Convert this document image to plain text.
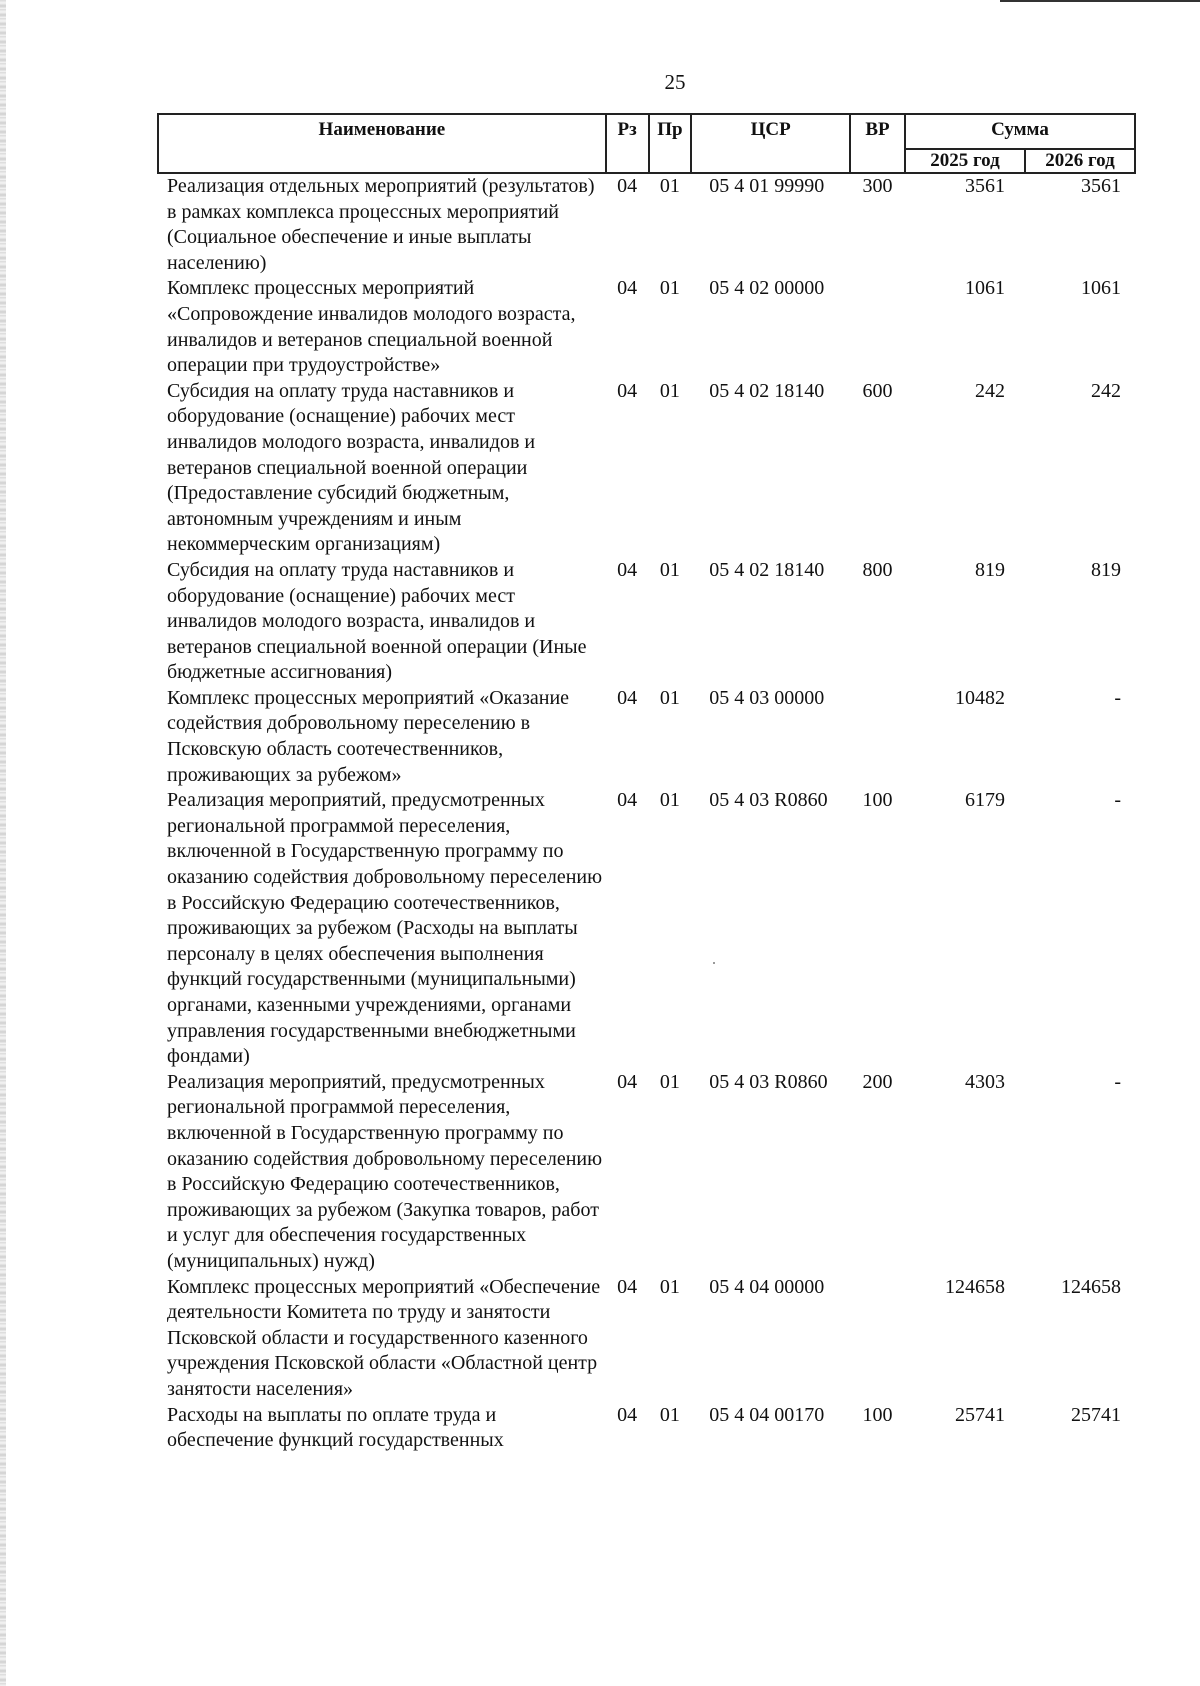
25
Наименование	Рз	Пр	ЦСР	ВР	Сумма	
					2025 год	2026 год
Реализация отдельных мероприятий (результатов) в рамках комплекса процессных мероприятий (Социальное обеспечение и иные выплаты населению)	04	01	05 4 01 99990	300	3561	3561
Комплекс процессных мероприятий «Сопровождение инвалидов молодого возраста, инвалидов и ветеранов специальной военной операции при трудоустройстве»	04	01	05 4 02 00000		1061	1061
Субсидия на оплату труда наставников и оборудование (оснащение) рабочих мест инвалидов молодого возраста, инвалидов и ветеранов специальной военной операции (Предоставление субсидий бюджетным, автономным учреждениям и иным некоммерческим организациям)	04	01	05 4 02 18140	600	242	242
Субсидия на оплату труда наставников и оборудование (оснащение) рабочих мест инвалидов молодого возраста, инвалидов и ветеранов специальной военной операции (Иные бюджетные ассигнования)	04	01	05 4 02 18140	800	819	819
Комплекс процессных мероприятий «Оказание содействия добровольному переселению в Псковскую область соотечественников, проживающих за рубежом»	04	01	05 4 03 00000		10482	-
Реализация мероприятий, предусмотренных региональной программой переселения, включенной в Государственную программу по оказанию содействия добровольному переселению в Российскую Федерацию соотечественников, проживающих за рубежом (Расходы на выплаты персоналу в целях обеспечения выполнения функций государственными (муниципальными) органами, казенными учреждениями, органами управления государственными внебюджетными фондами)	04	01	05 4 03 R0860	100	6179	-
Реализация мероприятий, предусмотренных региональной программой переселения, включенной в Государственную программу по оказанию содействия добровольному переселению в Российскую Федерацию соотечественников, проживающих за рубежом (Закупка товаров, работ и услуг для обеспечения государственных (муниципальных) нужд)	04	01	05 4 03 R0860	200	4303	-
Комплекс процессных мероприятий «Обеспечение деятельности Комитета по труду и занятости Псковской области и государственного казенного учреждения Псковской области «Областной центр занятости населения»	04	01	05 4 04 00000		124658	124658
Расходы на выплаты по оплате труда и обеспечение функций государственных	04	01	05 4 04 00170	100	25741	25741
